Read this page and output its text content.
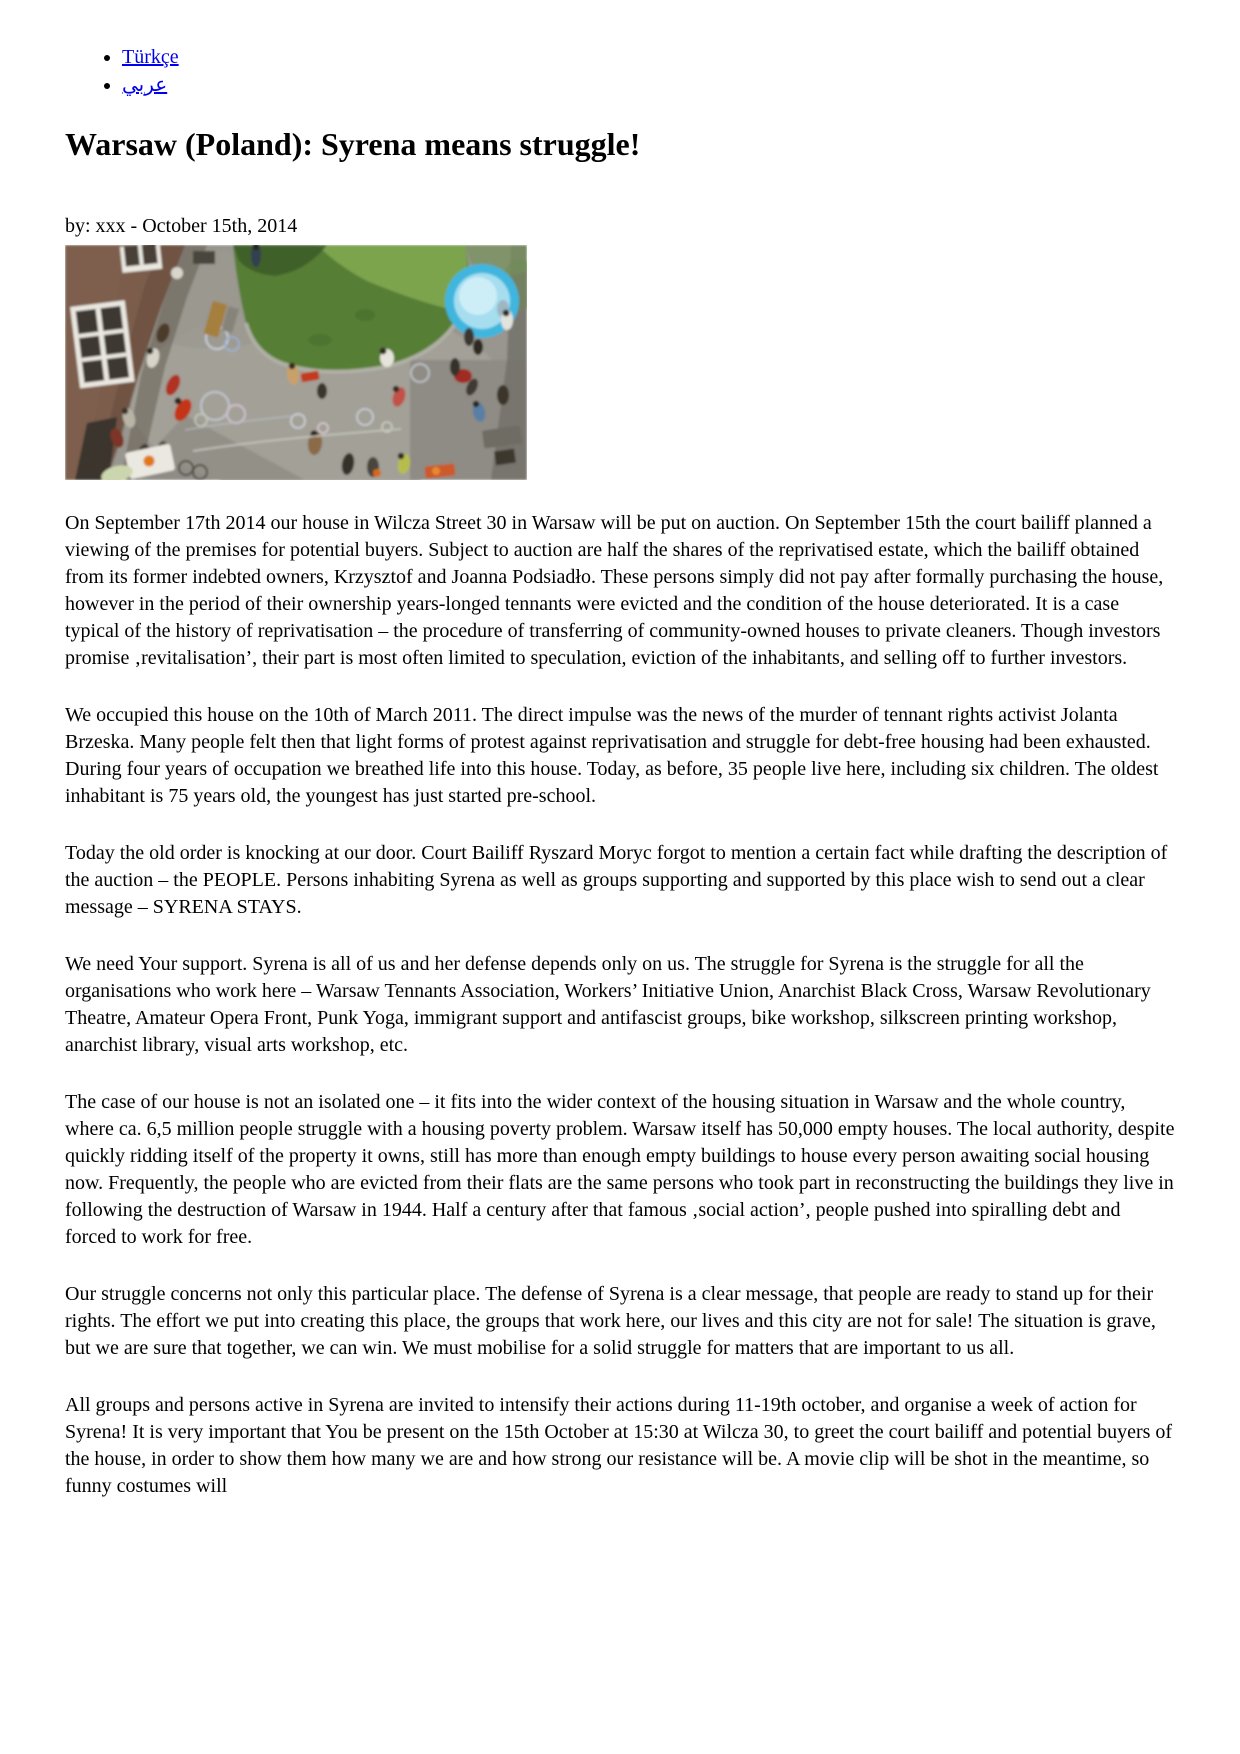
• Türkçe
• عربي
Warsaw (Poland): Syrena means struggle!

by: xxx - October 15th, 2014

On September 17th 2014 our house in Wilcza Street 30 in Warsaw will be put on auction. On September 15th the court bailiff planned a viewing of the premises for potential buyers. Subject to auction are half the shares of the reprivatised estate, which the bailiff obtained from its former indebted owners, Krzysztof and Joanna Podsiadło. These persons simply did not pay after formally purchasing the house, however in the period of their ownership years-longed tennants were evicted and the condition of the house deteriorated. It is a case typical of the history of reprivatisation – the procedure of transferring of community-owned houses to private cleaners. Though investors promise ‚revitalisation’, their part is most often limited to speculation, eviction of the inhabitants, and selling off to further investors.

We occupied this house on the 10th of March 2011. The direct impulse was the news of the murder of tennant rights activist Jolanta Brzeska. Many people felt then that light forms of protest against reprivatisation and struggle for debt-free housing had been exhausted. During four years of occupation we breathed life into this house. Today, as before, 35 people live here, including six children. The oldest inhabitant is 75 years old, the youngest has just started pre-school.

Today the old order is knocking at our door. Court Bailiff Ryszard Moryc forgot to mention a certain fact while drafting the description of the auction – the PEOPLE. Persons inhabiting Syrena as well as groups supporting and supported by this place wish to send out a clear message – SYRENA STAYS.

We need Your support. Syrena is all of us and her defense depends only on us. The struggle for Syrena is the struggle for all the organisations who work here – Warsaw Tennants Association, Workers’ Initiative Union, Anarchist Black Cross, Warsaw Revolutionary Theatre, Amateur Opera Front, Punk Yoga, immigrant support and antifascist groups, bike workshop, silkscreen printing workshop, anarchist library, visual arts workshop, etc.

The case of our house is not an isolated one – it fits into the wider context of the housing situation in Warsaw and the whole country, where ca. 6,5 million people struggle with a housing poverty problem. Warsaw itself has 50,000 empty houses. The local authority, despite quickly ridding itself of the property it owns, still has more than enough empty buildings to house every person awaiting social housing now. Frequently, the people who are evicted from their flats are the same persons who took part in reconstructing the buildings they live in following the destruction of Warsaw in 1944. Half a century after that famous ‚social action’, people pushed into spiralling debt and forced to work for free.

Our struggle concerns not only this particular place. The defense of Syrena is a clear message, that people are ready to stand up for their rights. The effort we put into creating this place, the groups that work here, our lives and this city are not for sale! The situation is grave, but we are sure that together, we can win. We must mobilise for a solid struggle for matters that are important to us all.

All groups and persons active in Syrena are invited to intensify their actions during 11-19th october, and organise a week of action for Syrena! It is very important that You be present on the 15th October at 15:30 at Wilcza 30, to greet the court bailiff and potential buyers of the house, in order to show them how many we are and how strong our resistance will be. A movie clip will be shot in the meantime, so funny costumes will
